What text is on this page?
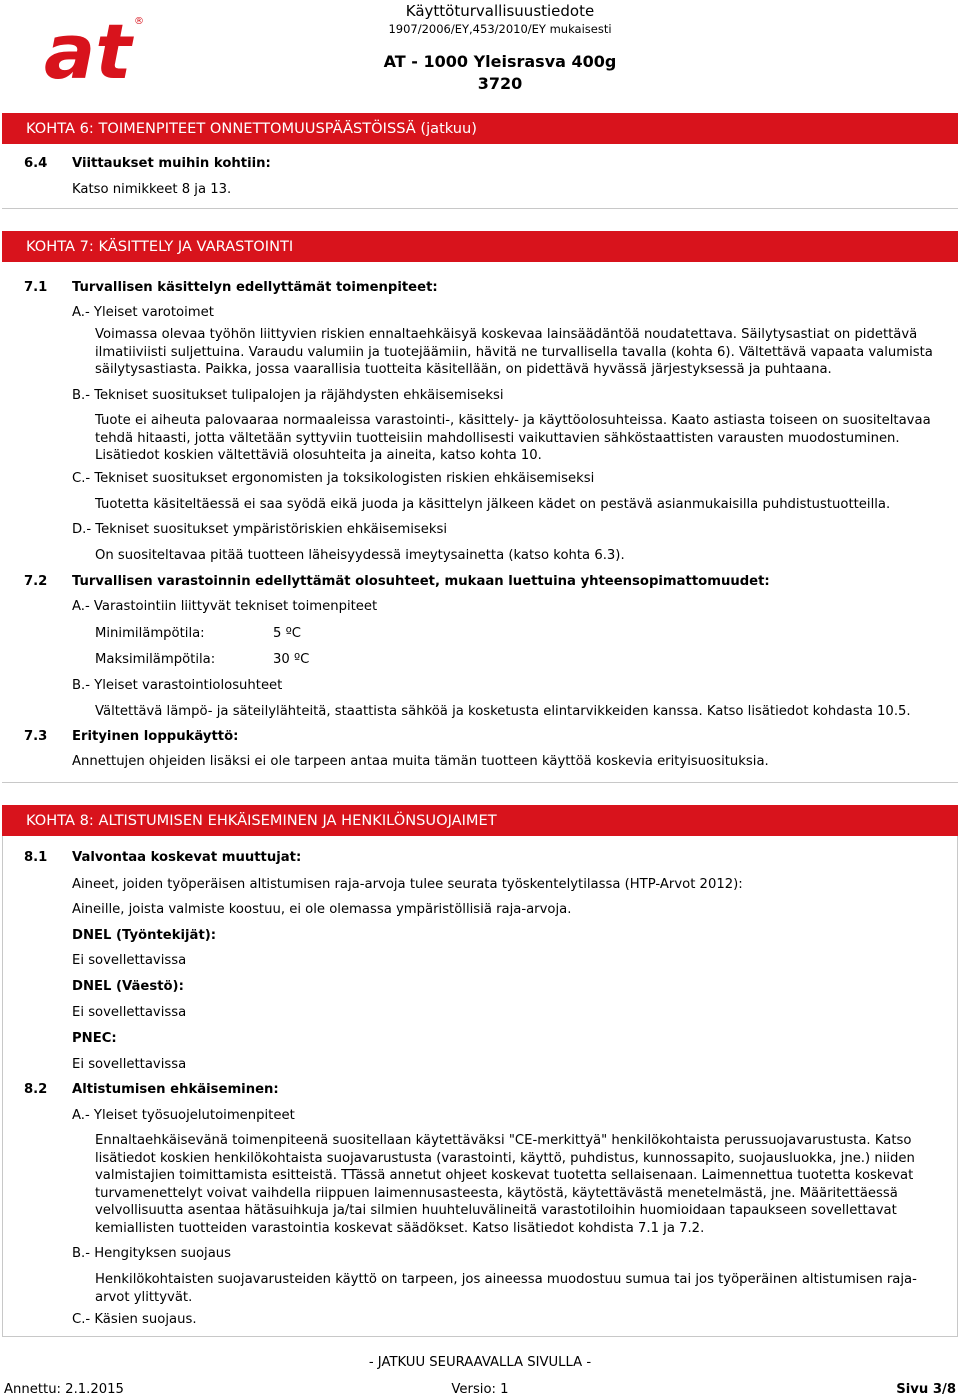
at ®
Käyttöturvallisuustiedote
1907/2006/EY,453/2010/EY mukaisesti
AT - 1000 Yleisrasva 400g
3720
KOHTA 6: TOIMENPITEET ONNETTOMUUSPÄÄSTÖISSÄ (jatkuu)
6.4 Viittaukset muihin kohtiin:
Katso nimikkeet 8 ja 13.
KOHTA 7: KÄSITTELY JA VARASTOINTI
7.1 Turvallisen käsittelyn edellyttämät toimenpiteet:
A.- Yleiset varotoimet
Voimassa olevaa työhön liittyvien riskien ennaltaehkäisyä koskevaa lainsäädäntöä noudatettava. Säilytysastiat on pidettävä ilmatiiviisti suljettuina. Varaudu valumiin ja tuotejäämiin, hävitä ne turvallisella tavalla (kohta 6). Vältettävä vapaata valumista säilytysastiasta. Paikka, jossa vaarallisia tuotteita käsitellään, on pidettävä hyvässä järjestyksessä ja puhtaana.
B.- Tekniset suositukset tulipalojen ja räjähdysten ehkäisemiseksi
Tuote ei aiheuta palovaaraa normaaleissa varastointi-, käsittely- ja käyttöolosuhteissa. Kaato astiasta toiseen on suositeltavaa tehdä hitaasti, jotta vältetään syttyviin tuotteisiin mahdollisesti vaikuttavien sähköstaattisten varausten muodostuminen. Lisätiedot koskien vältettäviä olosuhteita ja aineita, katso kohta 10.
C.- Tekniset suositukset ergonomisten ja toksikologisten riskien ehkäisemiseksi
Tuotetta käsiteltäessä ei saa syödä eikä juoda ja käsittelyn jälkeen kädet on pestävä asianmukaisilla puhdistustuotteilla.
D.- Tekniset suositukset ympäristöriskien ehkäisemiseksi
On suositeltavaa pitää tuotteen läheisyydessä imeytysainetta (katso kohta 6.3).
7.2 Turvallisen varastoinnin edellyttämät olosuhteet, mukaan luettuina yhteensopimattomuudet:
A.- Varastointiin liittyvät tekniset toimenpiteet
Minimilämpötila:	5 ºC
Maksimilämpötila:	30 ºC
B.- Yleiset varastointiolosuhteet
Vältettävä lämpö- ja säteilylähteitä, staattista sähköä ja kosketusta elintarvikkeiden kanssa. Katso lisätiedot kohdasta 10.5.
7.3 Erityinen loppukäyttö:
Annettujen ohjeiden lisäksi ei ole tarpeen antaa muita tämän tuotteen käyttöä koskevia erityisuosituksia.
KOHTA 8: ALTISTUMISEN EHKÄISEMINEN JA HENKILÖNSUOJAIMET
8.1 Valvontaa koskevat muuttujat:
Aineet, joiden työperäisen altistumisen raja-arvoja tulee seurata työskentelytilassa (HTP-Arvot 2012):
Aineille, joista valmiste koostuu, ei ole olemassa ympäristöllisiä raja-arvoja.
DNEL (Työntekijät):
Ei sovellettavissa
DNEL (Väestö):
Ei sovellettavissa
PNEC:
Ei sovellettavissa
8.2 Altistumisen ehkäiseminen:
A.- Yleiset työsuojelutoimenpiteet
Ennaltaehkäisevänä toimenpiteenä suositellaan käytettäväksi "CE-merkittyä" henkilökohtaista perussuojavarustusta. Katso lisätiedot koskien henkilökohtaista suojavarustusta (varastointi, käyttö, puhdistus, kunnossapito, suojausluokka, jne.) niiden valmistajien toimittamista esitteistä. TTässä annetut ohjeet koskevat tuotetta sellaisenaan. Laimennettua tuotetta koskevat turvamenettelyt voivat vaihdella riippuen laimennusasteesta, käytöstä, käytettävästä menetelmästä, jne. Määritettäessä velvollisuutta asentaa hätäsuihkuja ja/tai silmien huuhteluvälineitä varastotiloihin huomioidaan tapaukseen sovellettavat kemiallisten tuotteiden varastointia koskevat säädökset. Katso lisätiedot kohdista 7.1 ja 7.2.
B.- Hengityksen suojaus
Henkilökohtaisten suojavarusteiden käyttö on tarpeen, jos aineessa muodostuu sumua tai jos työperäinen altistumisen raja-arvot ylittyvät.
C.- Käsien suojaus.
- JATKUU SEURAAVALLA SIVULLA -
Annettu: 2.1.2015	Versio: 1	Sivu 3/8
